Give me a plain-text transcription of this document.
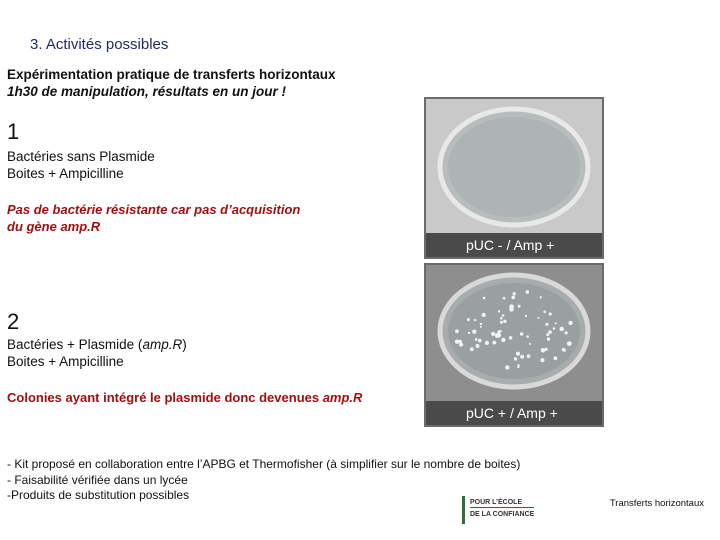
3. Activités possibles
Expérimentation pratique de transferts horizontaux
1h30 de manipulation, résultats en un jour !
1
Bactéries sans Plasmide
Boites + Ampicilline
Pas de bactérie résistante car pas d’acquisition
du gène amp.R
pUC - / Amp +
2
Bactéries + Plasmide (amp.R)
Boites + Ampicilline
Colonies ayant intégré le plasmide donc devenues amp.R
pUC + / Amp +
- Kit proposé en collaboration entre l’APBG et Thermofisher (à simplifier sur le nombre de boites)
- Faisabilité vérifiée dans un lycée
-Produits de substitution possibles
POUR L’ÉCOLE
DE LA CONFIANCE
Transferts horizontaux
